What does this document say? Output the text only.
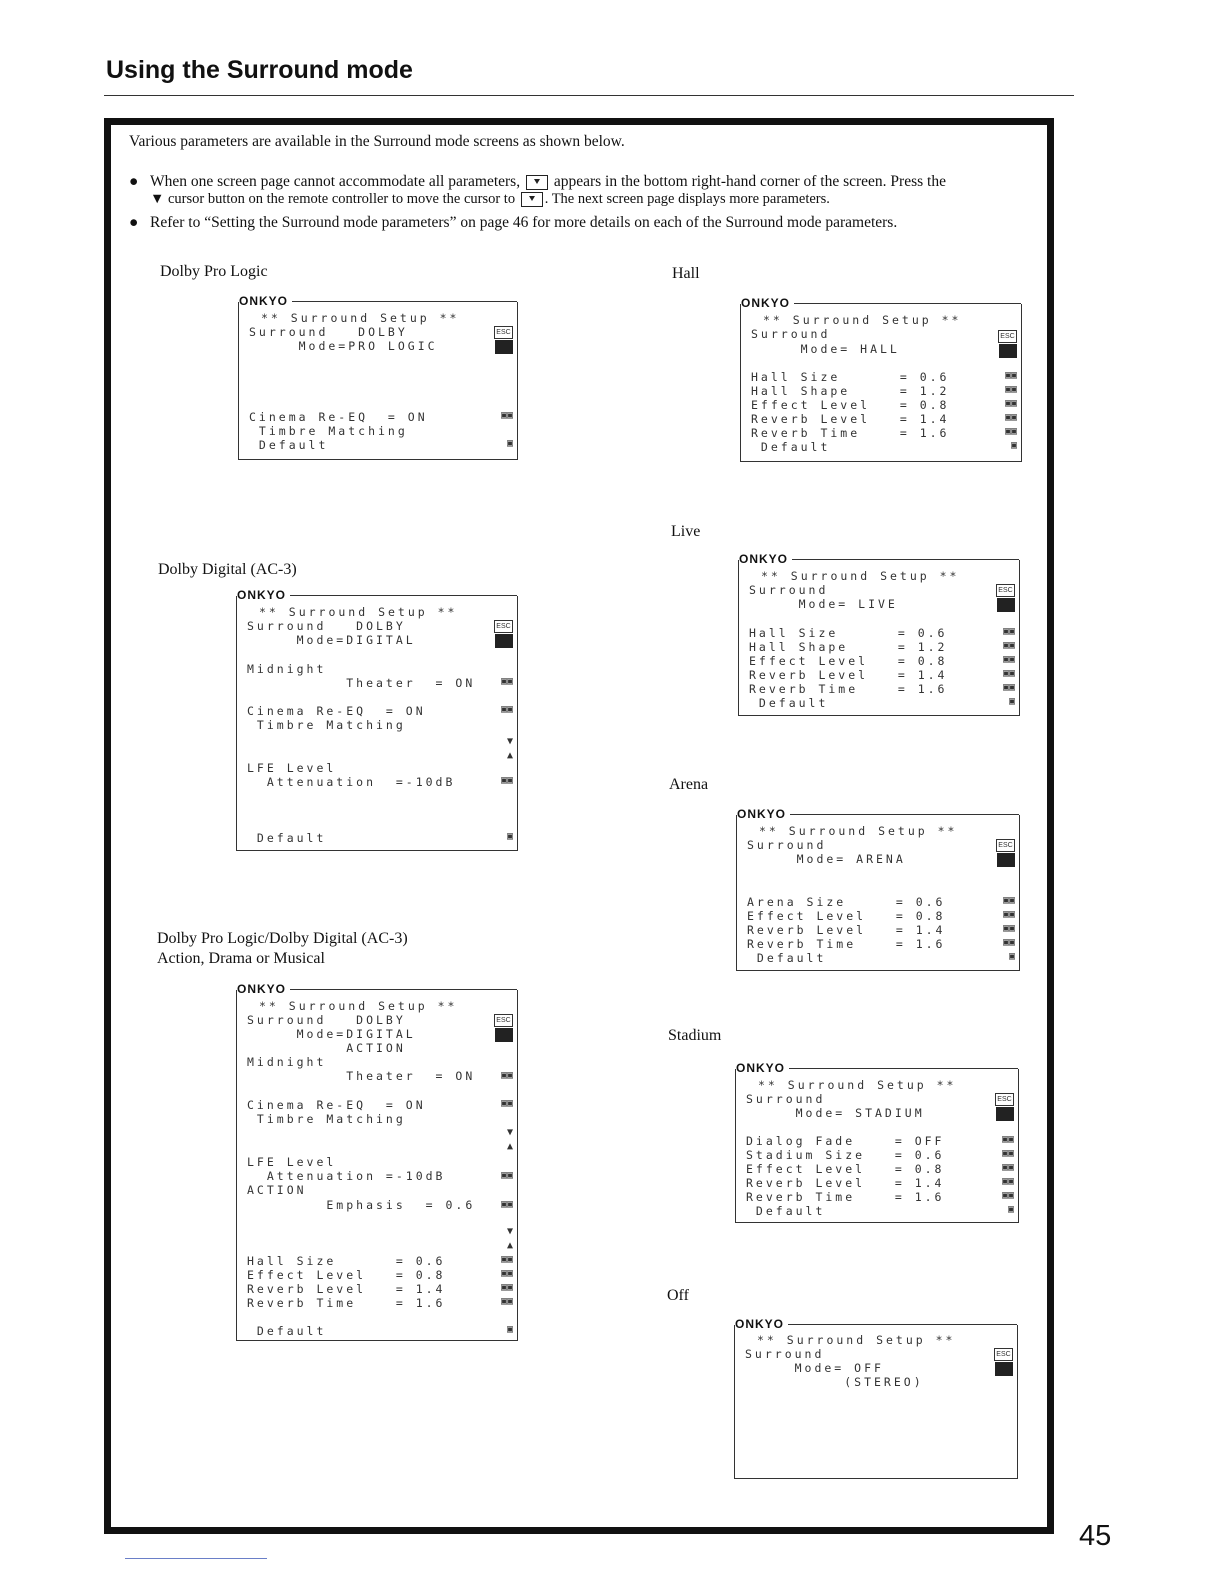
Using the Surround mode
Various parameters are available in the Surround mode screens as shown below.
● When one screen page cannot accommodate all parameters, appears in the bottom right-hand corner of the screen. Press the
▼ cursor button on the remote controller to move the cursor to . The next screen page displays more parameters.
● Refer to “Setting the Surround mode parameters” on page 46 for more details on each of the Surround mode parameters.
Dolby Pro Logic
Dolby Digital (AC-3)
Dolby Pro Logic/Dolby Digital (AC-3)
Action, Drama or Musical
Hall
Live
Arena
Stadium
Off
ONKYO
** Surround Setup **
Surround   DOLBY
Mode=PRO LOGIC
Cinema Re-EQ  = ON
Timbre Matching
Default
ESC
▣▣
▣
ONKYO
** Surround Setup **
Surround   DOLBY
Mode=DIGITAL
Midnight
Theater  = ON
Cinema Re-EQ  = ON
Timbre Matching
LFE Level
Attenuation  =-10dB
Default
ESC
▣▣
▣▣
▼
▲
▣▣
▣
ONKYO
** Surround Setup **
Surround   DOLBY
Mode=DIGITAL
ACTION
Midnight
Theater  = ON
Cinema Re-EQ  = ON
Timbre Matching
LFE Level
Attenuation =-10dB
ACTION
Emphasis  = 0.6
Hall Size      = 0.6
Effect Level   = 0.8
Reverb Level   = 1.4
Reverb Time    = 1.6
Default
ESC
▣▣
▣▣
▼
▲
▣▣
▣▣
▼
▲
▣▣
▣▣
▣▣
▣▣
▣
ONKYO
** Surround Setup **
Surround
Mode= HALL
Hall Size      = 0.6
Hall Shape     = 1.2
Effect Level   = 0.8
Reverb Level   = 1.4
Reverb Time    = 1.6
Default
ESC
▣▣
▣▣
▣▣
▣▣
▣▣
▣
ONKYO
** Surround Setup **
Surround
Mode= LIVE
Hall Size      = 0.6
Hall Shape     = 1.2
Effect Level   = 0.8
Reverb Level   = 1.4
Reverb Time    = 1.6
Default
ESC
▣▣
▣▣
▣▣
▣▣
▣▣
▣
ONKYO
** Surround Setup **
Surround
Mode= ARENA
Arena Size     = 0.6
Effect Level   = 0.8
Reverb Level   = 1.4
Reverb Time    = 1.6
Default
ESC
▣▣
▣▣
▣▣
▣▣
▣
ONKYO
** Surround Setup **
Surround
Mode= STADIUM
Dialog Fade    = OFF
Stadium Size   = 0.6
Effect Level   = 0.8
Reverb Level   = 1.4
Reverb Time    = 1.6
Default
ESC
▣▣
▣▣
▣▣
▣▣
▣▣
▣
ONKYO
** Surround Setup **
Surround
Mode= OFF
(STEREO)
ESC
45
